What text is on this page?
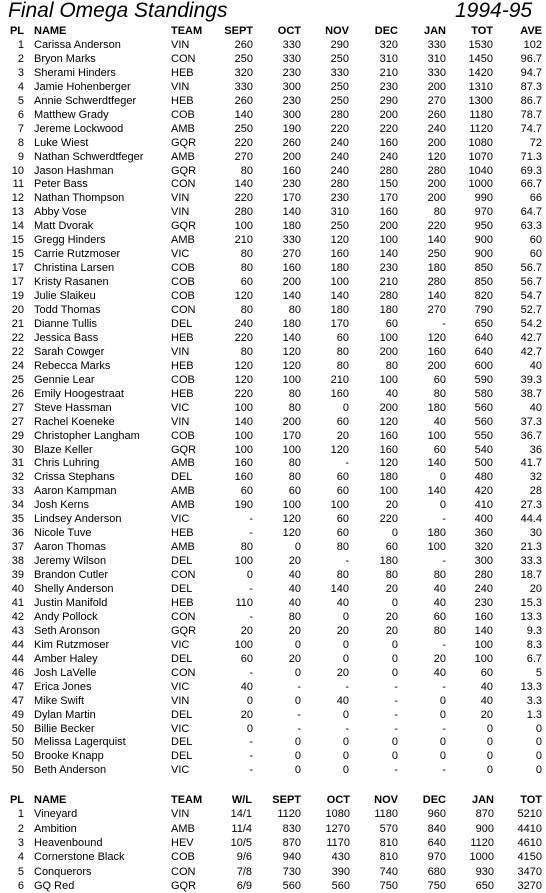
Final Omega Standings	1994-95
PL NAME	TEAM	SEPT	OCT	NOV	DEC	JAN	TOT	AVE
1 Carissa Anderson	VIN	260	330	290	320	330	1530	102
2 Bryon Marks	CON	250	330	250	310	310	1450	96.7
3 Sherami Hinders	HEB	320	230	330	210	330	1420	94.7
4 Jamie Hohenberger	VIN	330	300	250	230	200	1310	87.3
5 Annie Schwerdtfeger	HEB	260	230	250	290	270	1300	86.7
6 Matthew Grady	COB	140	300	280	200	260	1180	78.7
7 Jereme Lockwood	AMB	250	190	220	220	240	1120	74.7
8 Luke Wiest	GQR	220	260	240	160	200	1080	72
9 Nathan Schwerdtfeger	AMB	270	200	240	240	120	1070	71.3
10 Jason Hashman	GQR	80	160	240	280	280	1040	69.3
11 Peter Bass	CON	140	230	280	150	200	1000	66.7
12 Nathan Thompson	VIN	220	170	230	170	200	990	66
13 Abby Vose	VIN	280	140	310	160	80	970	64.7
14 Matt Dvorak	GQR	100	180	250	200	220	950	63.3
15 Gregg Hinders	AMB	210	330	120	100	140	900	60
15 Carrie Rutzmoser	VIC	80	270	160	140	250	900	60
17 Christina Larsen	COB	80	160	180	230	180	850	56.7
17 Kristy Rasanen	COB	60	200	100	210	280	850	56.7
19 Julie Slaikeu	COB	120	140	140	280	140	820	54.7
20 Todd Thomas	CON	80	80	180	180	270	790	52.7
21 Dianne Tullis	DEL	240	180	170	60	-	650	54.2
22 Jessica Bass	HEB	220	140	60	100	120	640	42.7
22 Sarah Cowger	VIN	80	120	80	200	160	640	42.7
24 Rebecca Marks	HEB	120	120	80	80	200	600	40
25 Gennie Lear	COB	120	100	210	100	60	590	39.3
26 Emily Hoogestraat	HEB	220	80	160	40	80	580	38.7
27 Steve Hassman	VIC	100	80	0	200	180	560	40
27 Rachel Koeneke	VIN	140	200	60	120	40	560	37.3
29 Christopher Langham	COB	100	170	20	160	100	550	36.7
30 Blaze Keller	GQR	100	100	120	160	60	540	36
31 Chris Luhring	AMB	160	80	-	120	140	500	41.7
32 Crissa Stephans	DEL	160	80	60	180	0	480	32
33 Aaron Kampman	AMB	60	60	60	100	140	420	28
34 Josh Kerns	AMB	190	100	100	20	0	410	27.3
35 Lindsey Anderson	VIC	-	120	60	220	-	400	44.4
36 Nicole Tuve	HEB	-	120	60	0	180	360	30
37 Aaron Thomas	AMB	80	0	80	60	100	320	21.3
38 Jeremy Wilson	DEL	100	20	-	180	-	300	33.3
39 Brandon Cutler	CON	0	40	80	80	80	280	18.7
40 Shelly Anderson	DEL	-	40	140	20	40	240	20
41 Justin Manifold	HEB	110	40	40	0	40	230	15.3
42 Andy Pollock	CON	-	80	0	20	60	160	13.3
43 Seth Aronson	GQR	20	20	20	20	80	140	9.3
44 Kim Rutzmoser	VIC	100	0	0	0	-	100	8.3
44 Amber Haley	DEL	60	20	0	0	20	100	6.7
46 Josh LaVelle	CON	-	0	20	0	40	60	5
47 Erica Jones	VIC	40	-	-	-	-	40	13.3
47 Mike Swift	VIN	0	0	40	-	0	40	3.3
49 Dylan Martin	DEL	20	-	0	-	0	20	1.3
50 Billie Becker	VIC	0	-	-	-	-	0	0
50 Melissa Lagerquist	DEL	-	0	0	0	0	0	0
50 Brooke Knapp	DEL	-	0	0	0	0	0	0
50 Beth Anderson	VIC	-	0	0	-	-	0	0
PL NAME	TEAM	W/L	SEPT	OCT	NOV	DEC	JAN	TOT
1 Vineyard	VIN	14/1	1120	1080	1180	960	870	5210
2 Ambition	AMB	11/4	830	1270	570	840	900	4410
3 Heavenbound	HEV	10/5	870	1170	810	640	1120	4610
4 Cornerstone Black	COB	9/6	940	430	810	970	1000	4150
5 Conquerors	CON	7/8	730	390	740	680	930	3470
6 GQ Red	GQR	6/9	560	560	750	750	650	3270
